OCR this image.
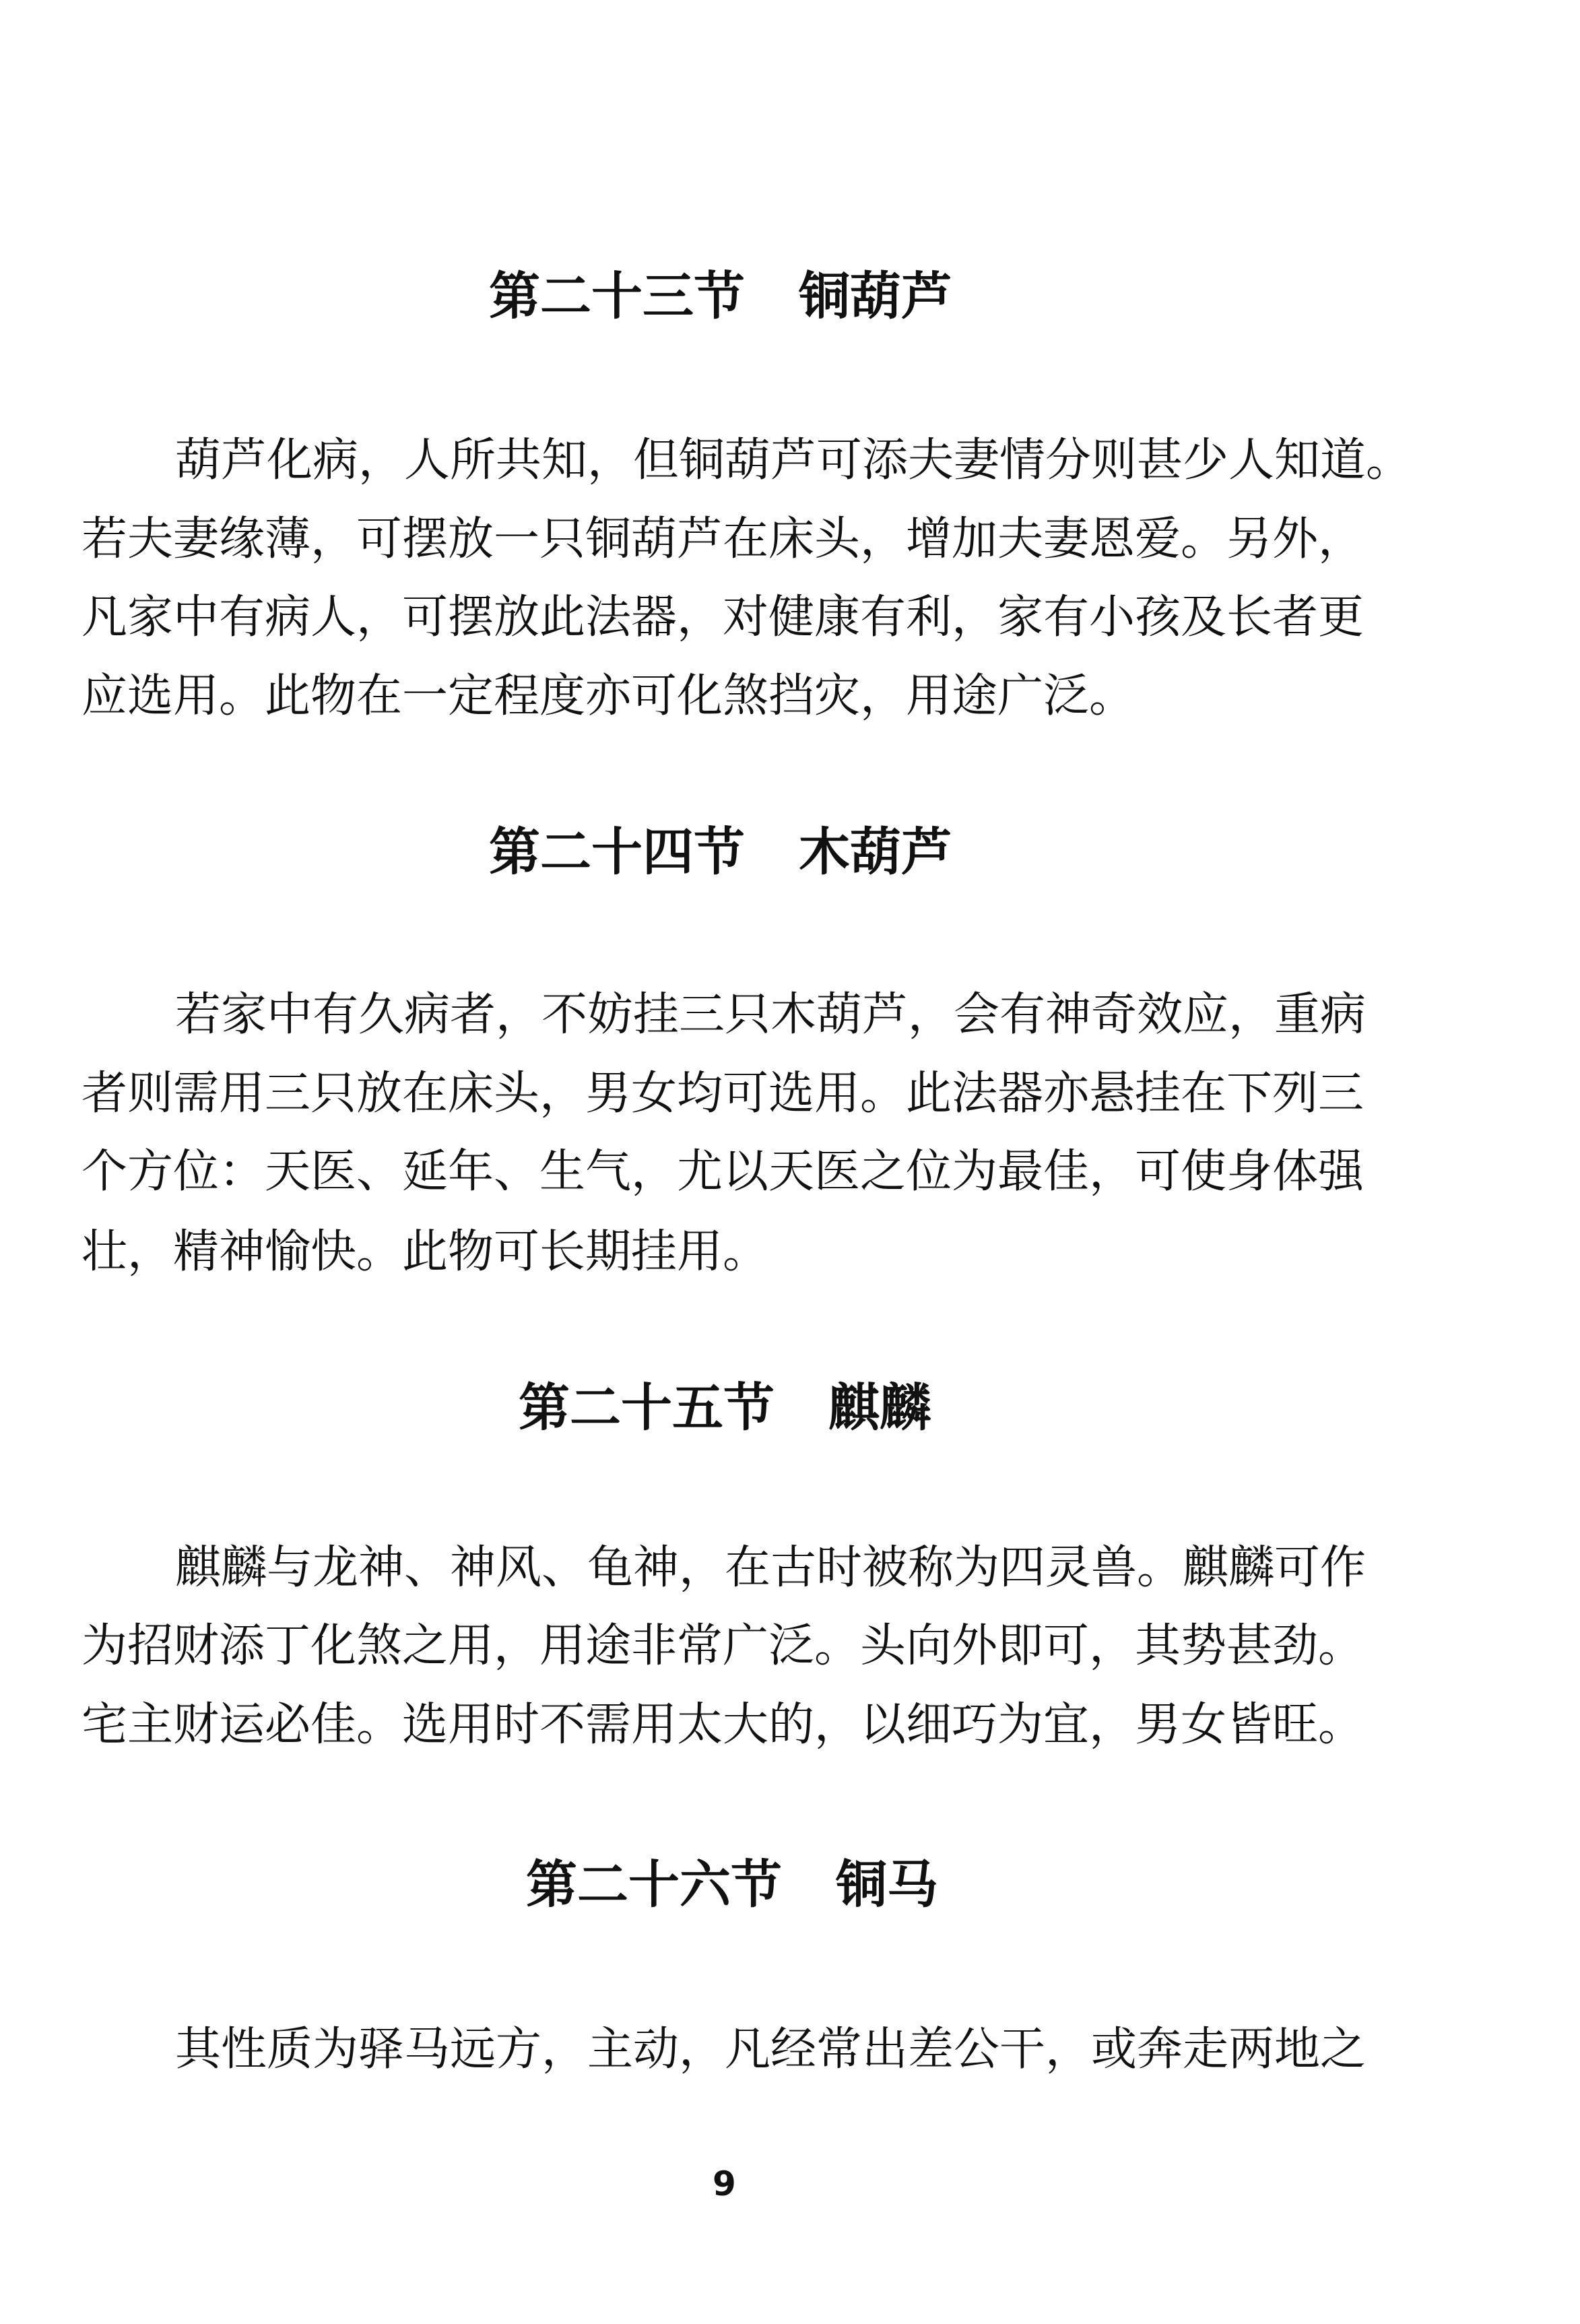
第二十三节 铜葫芦
葫芦化病，人所共知，但铜葫芦可添夫妻情分则甚少人知道。
若夫妻缘薄，可摆放一只铜葫芦在床头，增加夫妻恩爱。另外，
凡家中有病人，可摆放此法器，对健康有利，家有小孩及长者更
应选用。此物在一定程度亦可化煞挡灾，用途广泛。
第二十四节 木葫芦
若家中有久病者，不妨挂三只木葫芦，会有神奇效应，重病
者则需用三只放在床头，男女均可选用。此法器亦悬挂在下列三
个方位：天医、延年、生气，尤以天医之位为最佳，可使身体强
壮，精神愉快。此物可长期挂用。
第二十五节 麒麟
麒麟与龙神、神风、龟神，在古时被称为四灵兽。麒麟可作
为招财添丁化煞之用，用途非常广泛。头向外即可，其势甚劲。
宅主财运必佳。选用时不需用太大的，以细巧为宜，男女皆旺。
第二十六节 铜马
其性质为驿马远方，主动，凡经常出差公干，或奔走两地之
9
